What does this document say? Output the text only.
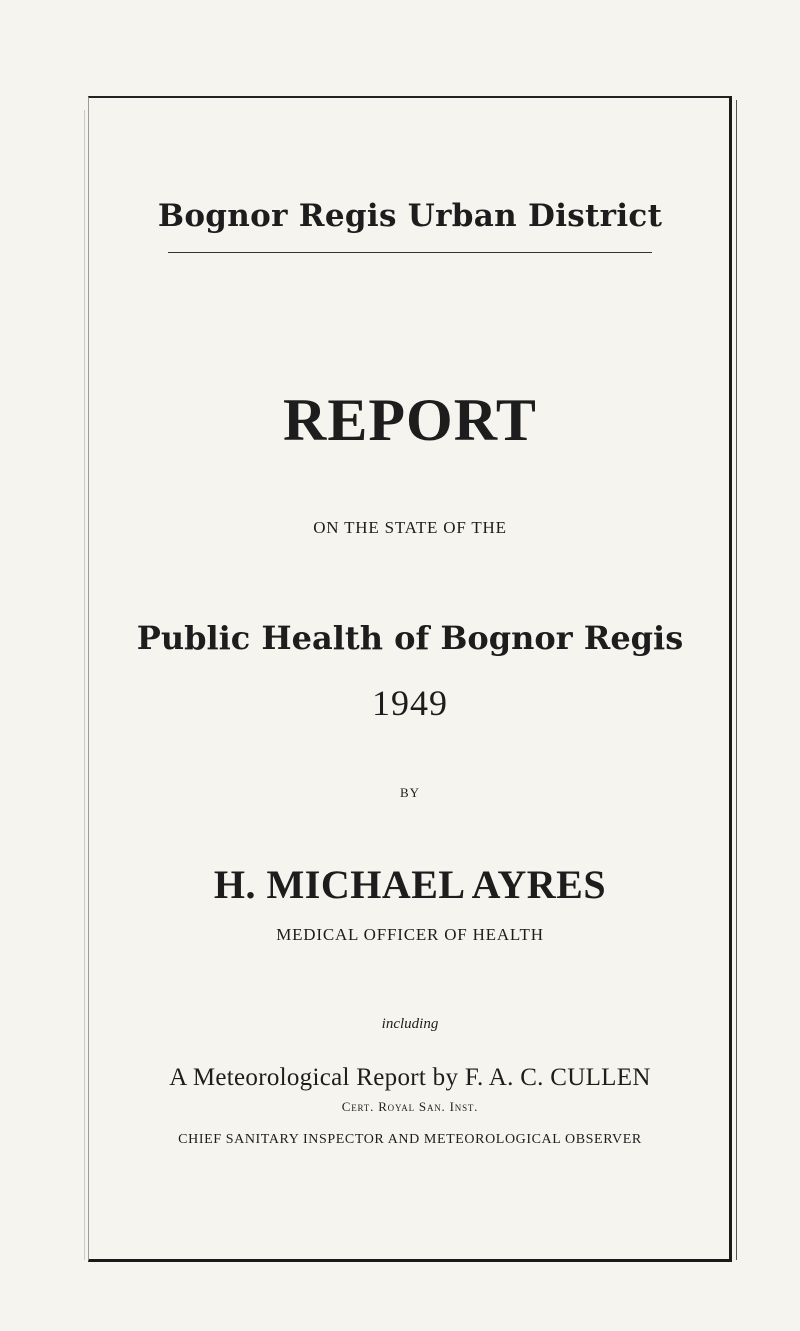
Bognor Regis Urban District
REPORT
ON THE STATE OF THE
Public Health of Bognor Regis
1949
BY
H. MICHAEL AYRES
MEDICAL OFFICER OF HEALTH
including
A Meteorological Report by F. A. C. CULLEN
Cert. Royal San. Inst.
CHIEF SANITARY INSPECTOR AND METEOROLOGICAL OBSERVER
